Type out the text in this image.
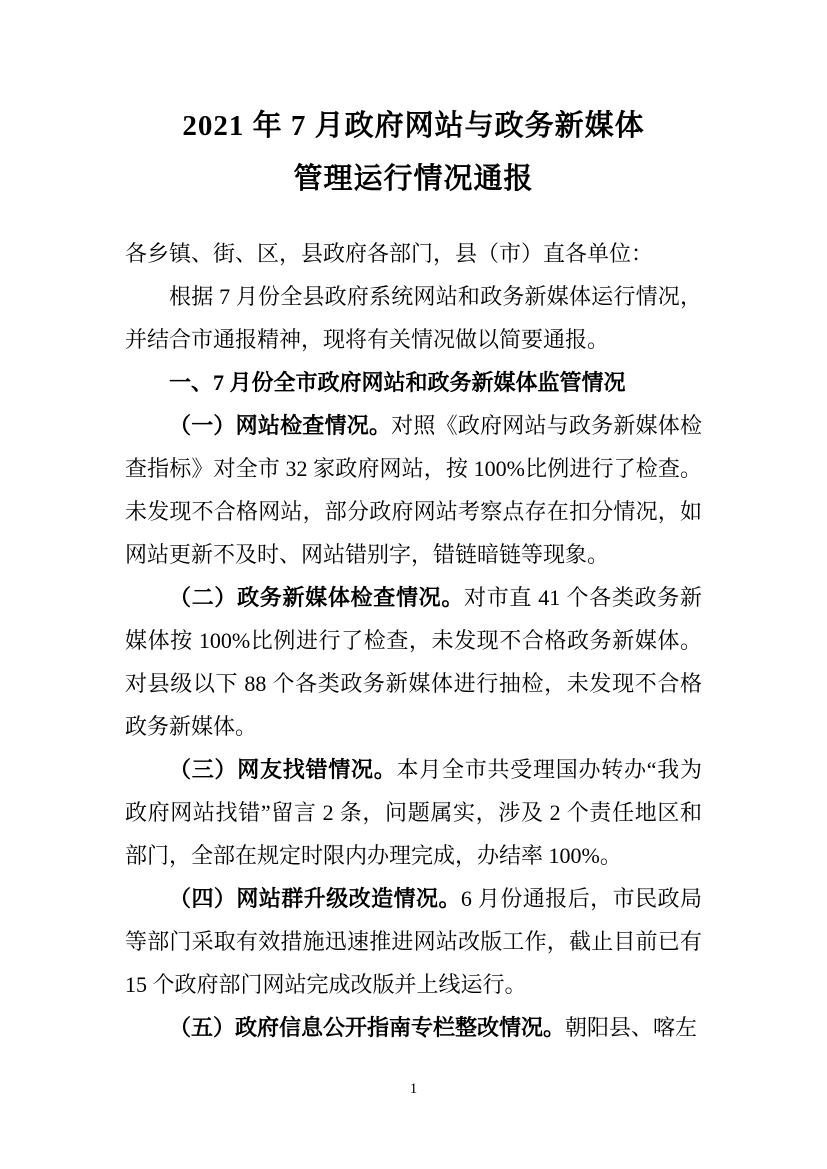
2021 年 7 月政府网站与政务新媒体
管理运行情况通报

各乡镇、街、区，县政府各部门，县（市）直各单位：

根据 7 月份全县政府系统网站和政务新媒体运行情况，并结合市通报精神，现将有关情况做以简要通报。

一、7 月份全市政府网站和政务新媒体监管情况

（一）网站检查情况。对照《政府网站与政务新媒体检查指标》对全市 32 家政府网站，按 100%比例进行了检查。未发现不合格网站，部分政府网站考察点存在扣分情况，如网站更新不及时、网站错别字，错链暗链等现象。

（二）政务新媒体检查情况。对市直 41 个各类政务新媒体按 100%比例进行了检查，未发现不合格政务新媒体。对县级以下 88 个各类政务新媒体进行抽检，未发现不合格政务新媒体。

（三）网友找错情况。本月全市共受理国办转办“我为政府网站找错”留言 2 条，问题属实，涉及 2 个责任地区和部门，全部在规定时限内办理完成，办结率 100%。

（四）网站群升级改造情况。6 月份通报后，市民政局等部门采取有效措施迅速推进网站改版工作，截止目前已有 15 个政府部门网站完成改版并上线运行。

（五）政府信息公开指南专栏整改情况。朝阳县、喀左

1
